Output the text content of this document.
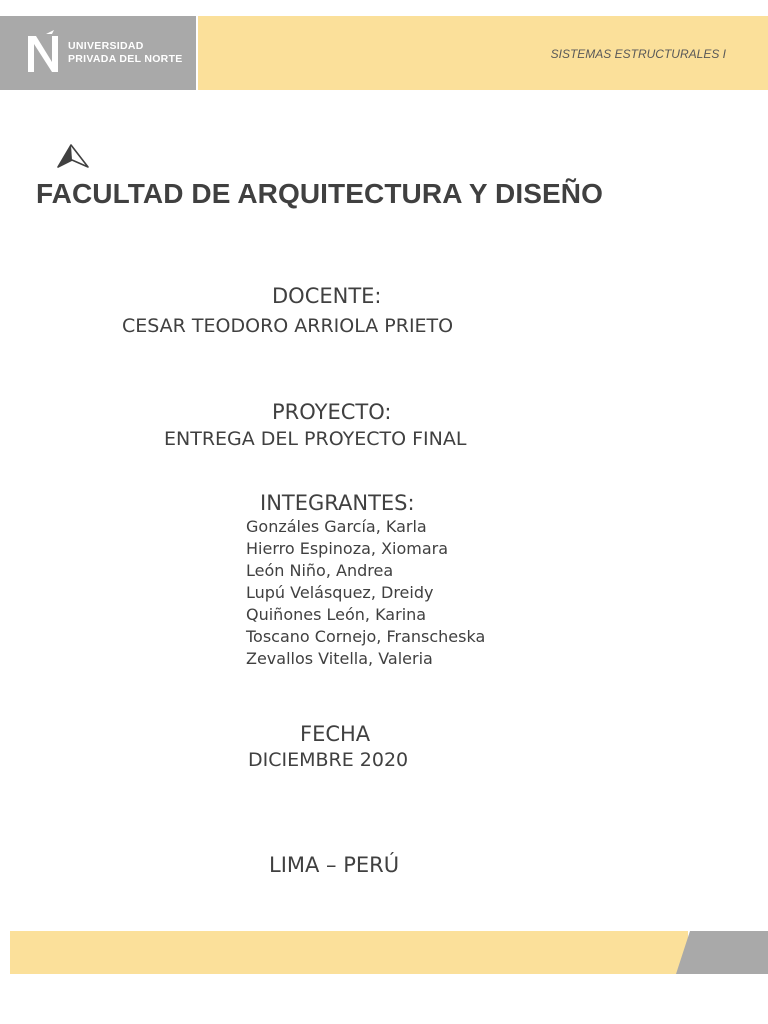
UNIVERSIDAD
PRIVADA DEL NORTE	SISTEMAS ESTRUCTURALES I
FACULTAD DE ARQUITECTURA Y DISEÑO
DOCENTE:
CESAR TEODORO ARRIOLA PRIETO
PROYECTO:
ENTREGA DEL PROYECTO FINAL
INTEGRANTES:
Gonzáles García, Karla
Hierro Espinoza, Xiomara
León Niño, Andrea
Lupú Velásquez, Dreidy
Quiñones León, Karina
Toscano Cornejo, Franscheska
Zevallos Vitella, Valeria
FECHA
DICIEMBRE 2020
LIMA – PERÚ
